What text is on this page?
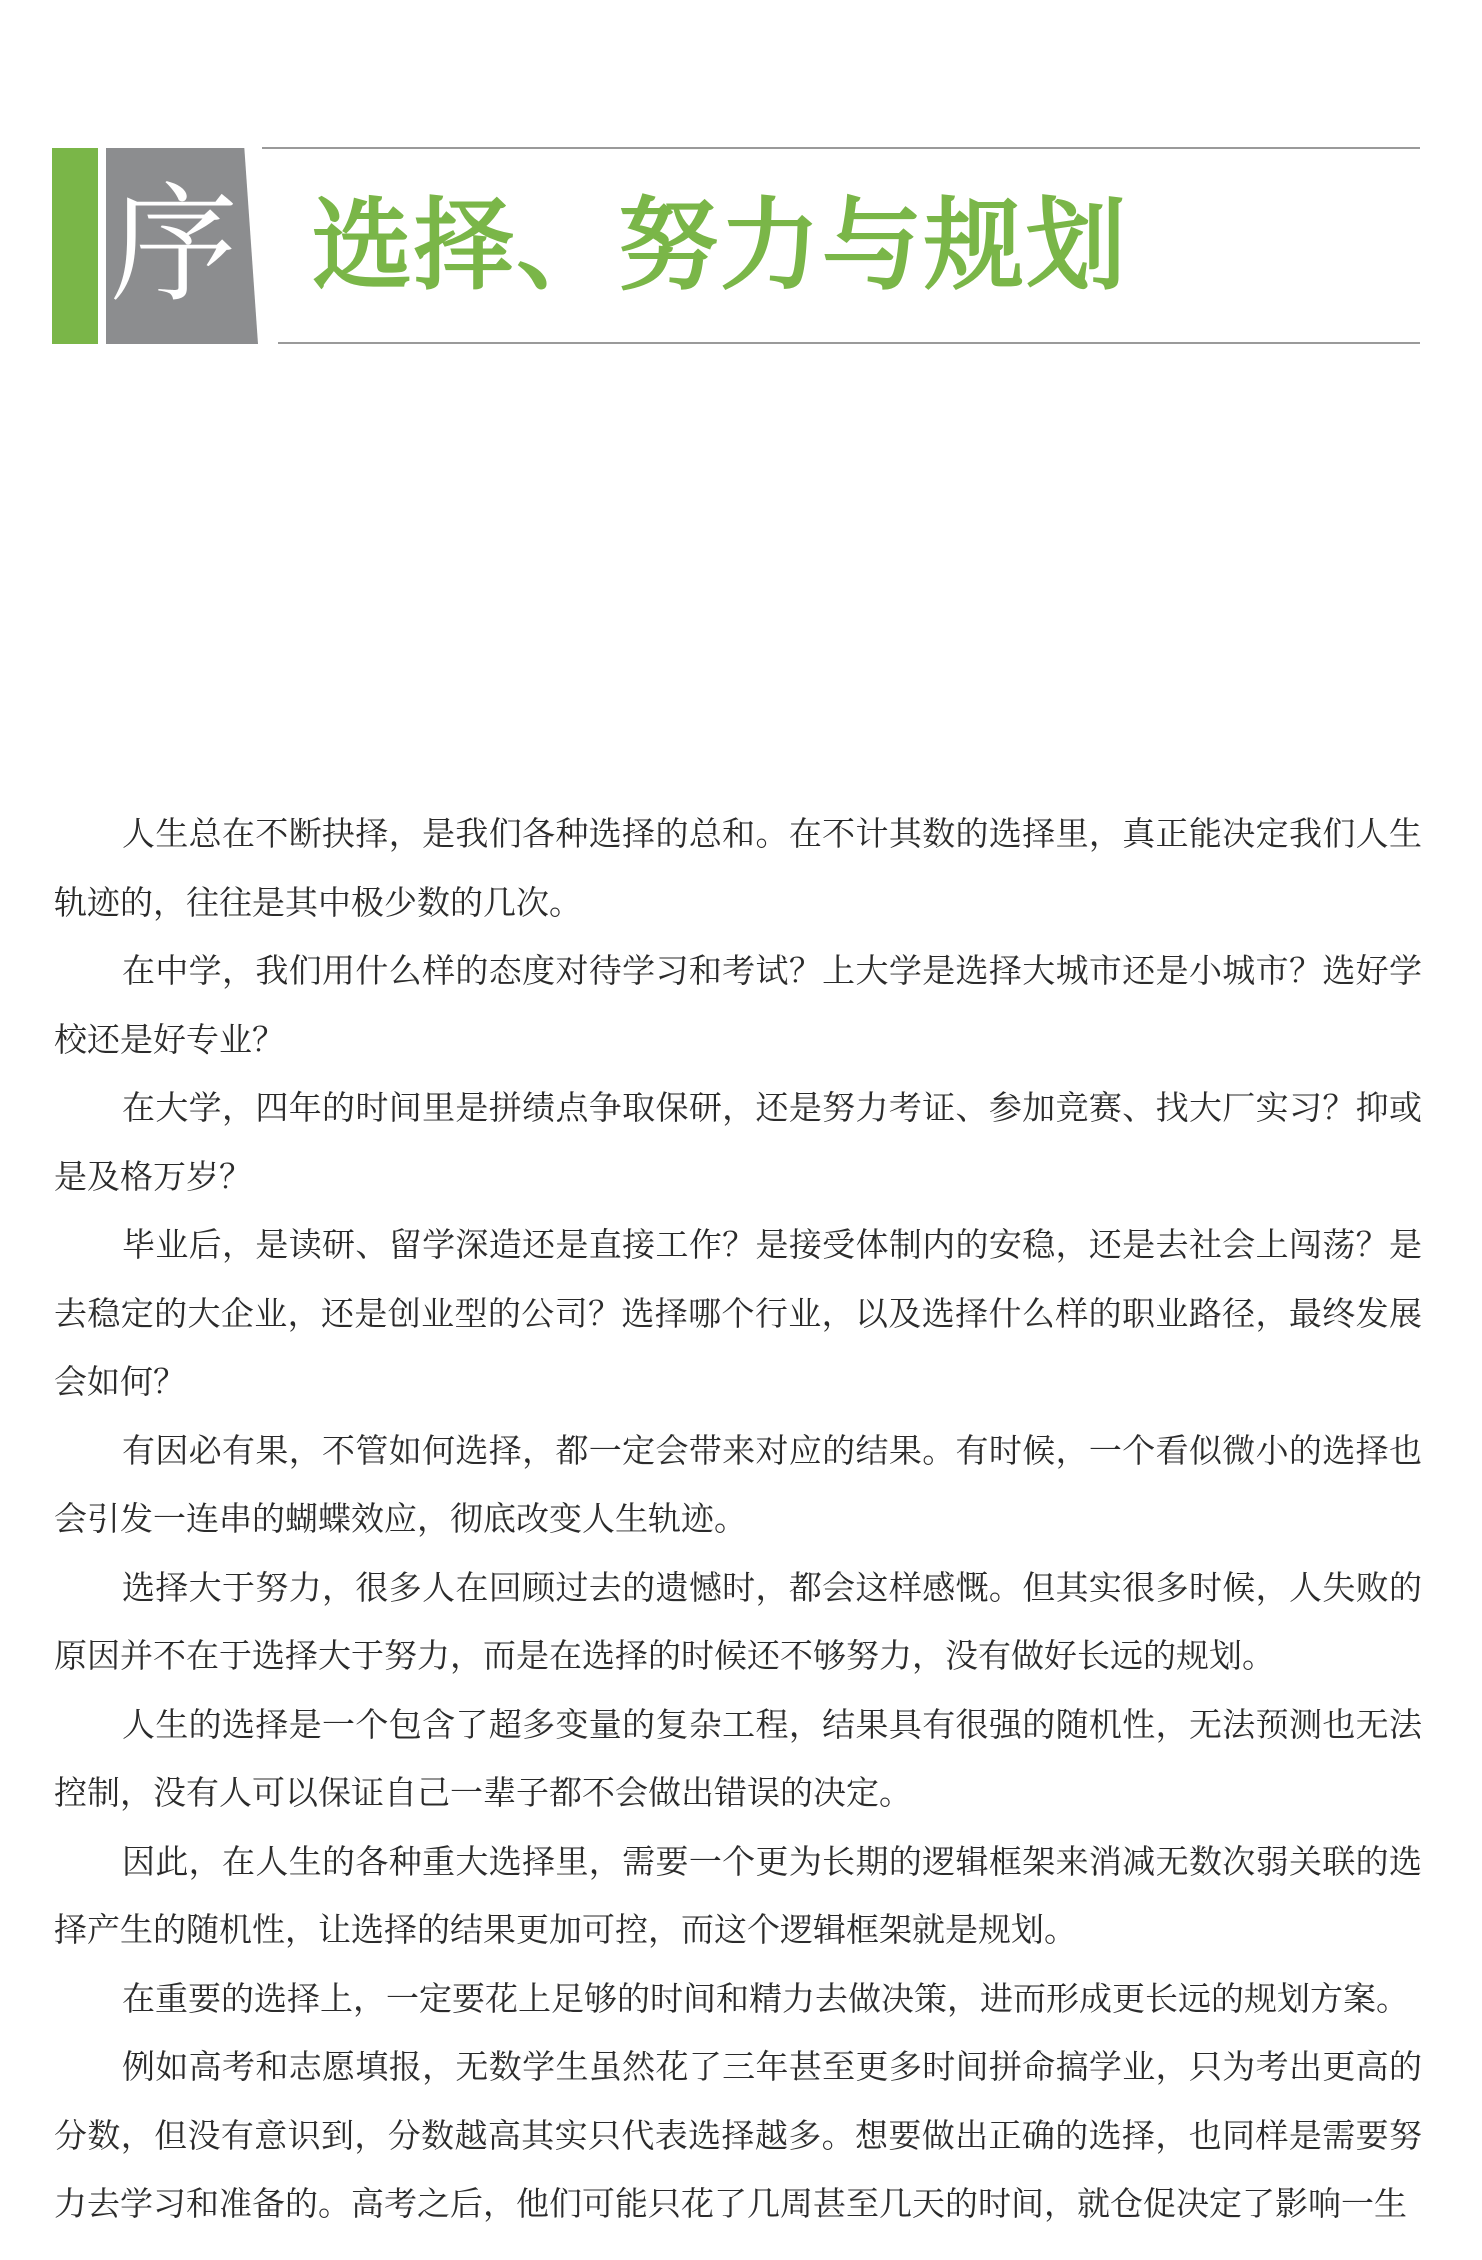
序 选择、努力与规划

人生总在不断抉择，是我们各种选择的总和。在不计其数的选择里，真正能决定我们人生轨迹的，往往是其中极少数的几次。

在中学，我们用什么样的态度对待学习和考试？上大学是选择大城市还是小城市？选好学校还是好专业？

在大学，四年的时间里是拼绩点争取保研，还是努力考证、参加竞赛、找大厂实习？抑或是及格万岁？

毕业后，是读研、留学深造还是直接工作？是接受体制内的安稳，还是去社会上闯荡？是去稳定的大企业，还是创业型的公司？选择哪个行业，以及选择什么样的职业路径，最终发展会如何？

有因必有果，不管如何选择，都一定会带来对应的结果。有时候，一个看似微小的选择也会引发一连串的蝴蝶效应，彻底改变人生轨迹。

选择大于努力，很多人在回顾过去的遗憾时，都会这样感慨。但其实很多时候，人失败的原因并不在于选择大于努力，而是在选择的时候还不够努力，没有做好长远的规划。

人生的选择是一个包含了超多变量的复杂工程，结果具有很强的随机性，无法预测也无法控制，没有人可以保证自己一辈子都不会做出错误的决定。

因此，在人生的各种重大选择里，需要一个更为长期的逻辑框架来消减无数次弱关联的选择产生的随机性，让选择的结果更加可控，而这个逻辑框架就是规划。

在重要的选择上，一定要花上足够的时间和精力去做决策，进而形成更长远的规划方案。

例如高考和志愿填报，无数学生虽然花了三年甚至更多时间拼命搞学业，只为考出更高的分数，但没有意识到，分数越高其实只代表选择越多。想要做出正确的选择，也同样是需要努力去学习和准备的。高考之后，他们可能只花了几周甚至几天的时间，就仓促决定了影响一生
